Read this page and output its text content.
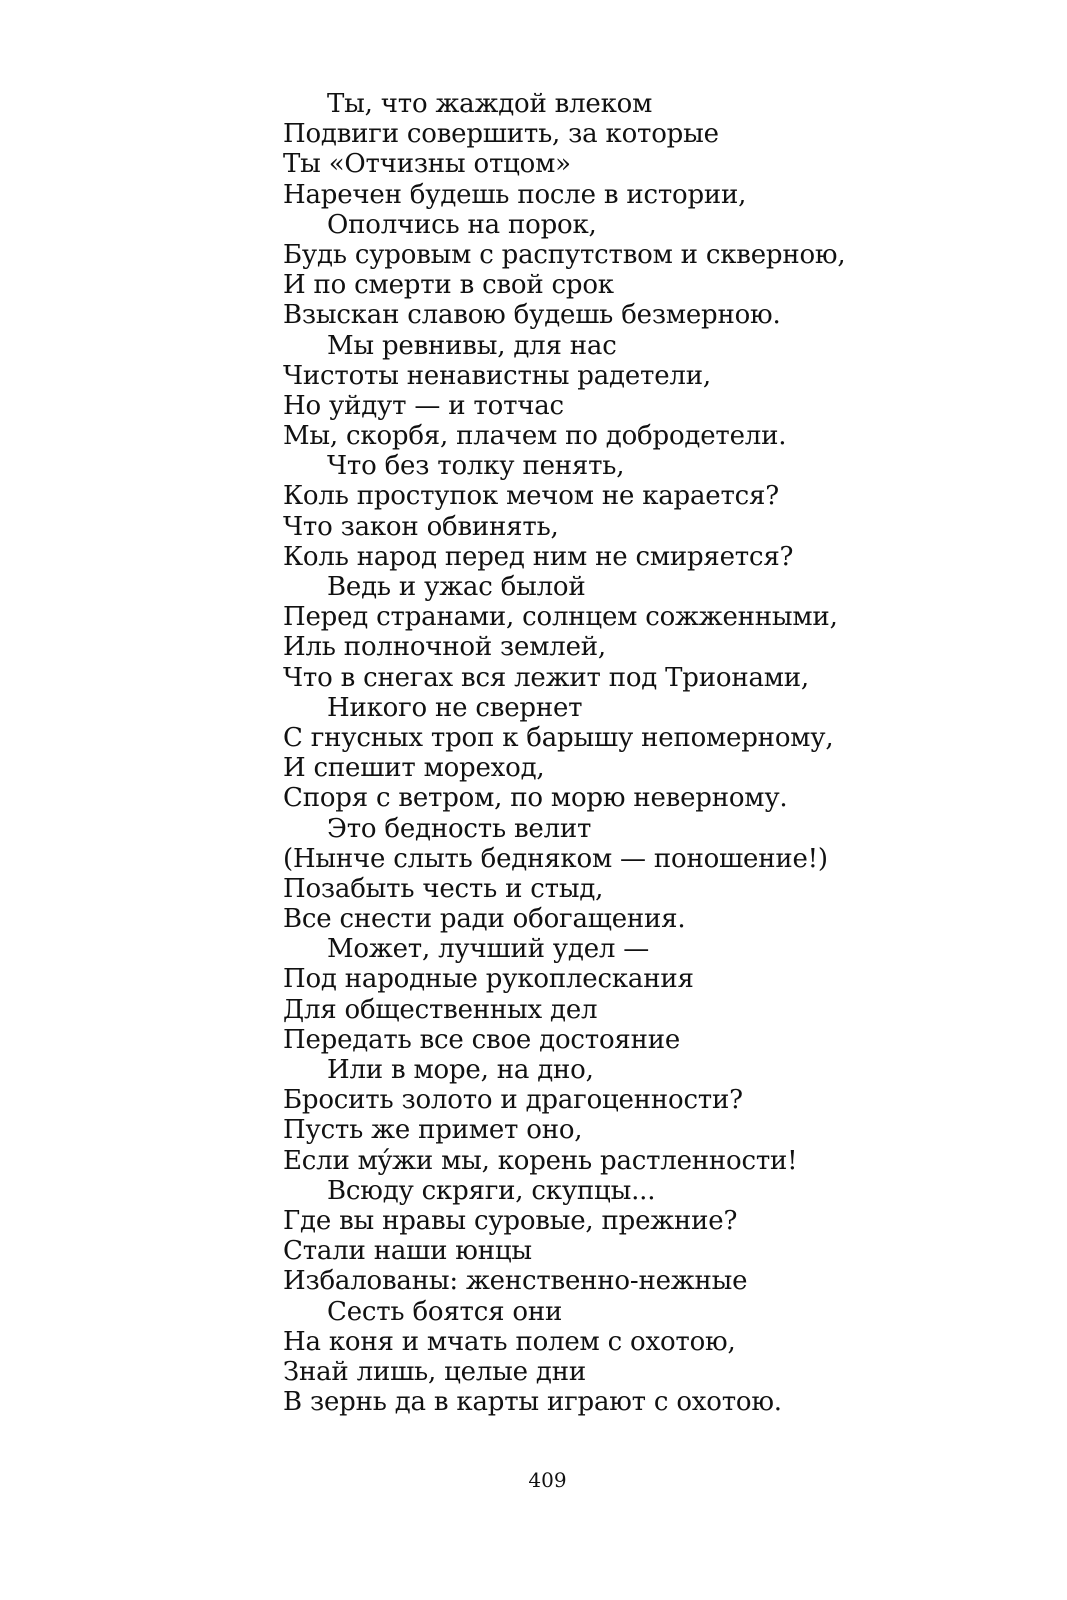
Ты, что жаждой влеком
Подвиги совершить, за которые
Ты «Отчизны отцом»
Наречен будешь после в истории,
Ополчись на порок,
Будь суровым с распутством и скверною,
И по смерти в свой срок
Взыскан славою будешь безмерною.
Мы ревнивы, для нас
Чистоты ненавистны радетели,
Но уйдут — и тотчас
Мы, скорбя, плачем по добродетели.
Что без толку пенять,
Коль проступок мечом не карается?
Что закон обвинять,
Коль народ перед ним не смиряется?
Ведь и ужас былой
Перед странами, солнцем сожженными,
Иль полночной землей,
Что в снегах вся лежит под Трионами,
Никого не свернет
С гнусных троп к барышу непомерному,
И спешит мореход,
Споря с ветром, по морю неверному.
Это бедность велит
(Нынче слыть бедняком — поношение!)
Позабыть честь и стыд,
Все снести ради обогащения.
Может, лучший удел —
Под народные рукоплескания
Для общественных дел
Передать все свое достояние
Или в море, на дно,
Бросить золото и драгоценности?
Пусть же примет оно,
Если мýжи мы, корень растленности!
Всюду скряги, скупцы...
Где вы нравы суровые, прежние?
Стали наши юнцы
Избалованы: женственно-нежные
Сесть боятся они
На коня и мчать полем с охотою,
Знай лишь, целые дни
В зернь да в карты играют с охотою.
409
